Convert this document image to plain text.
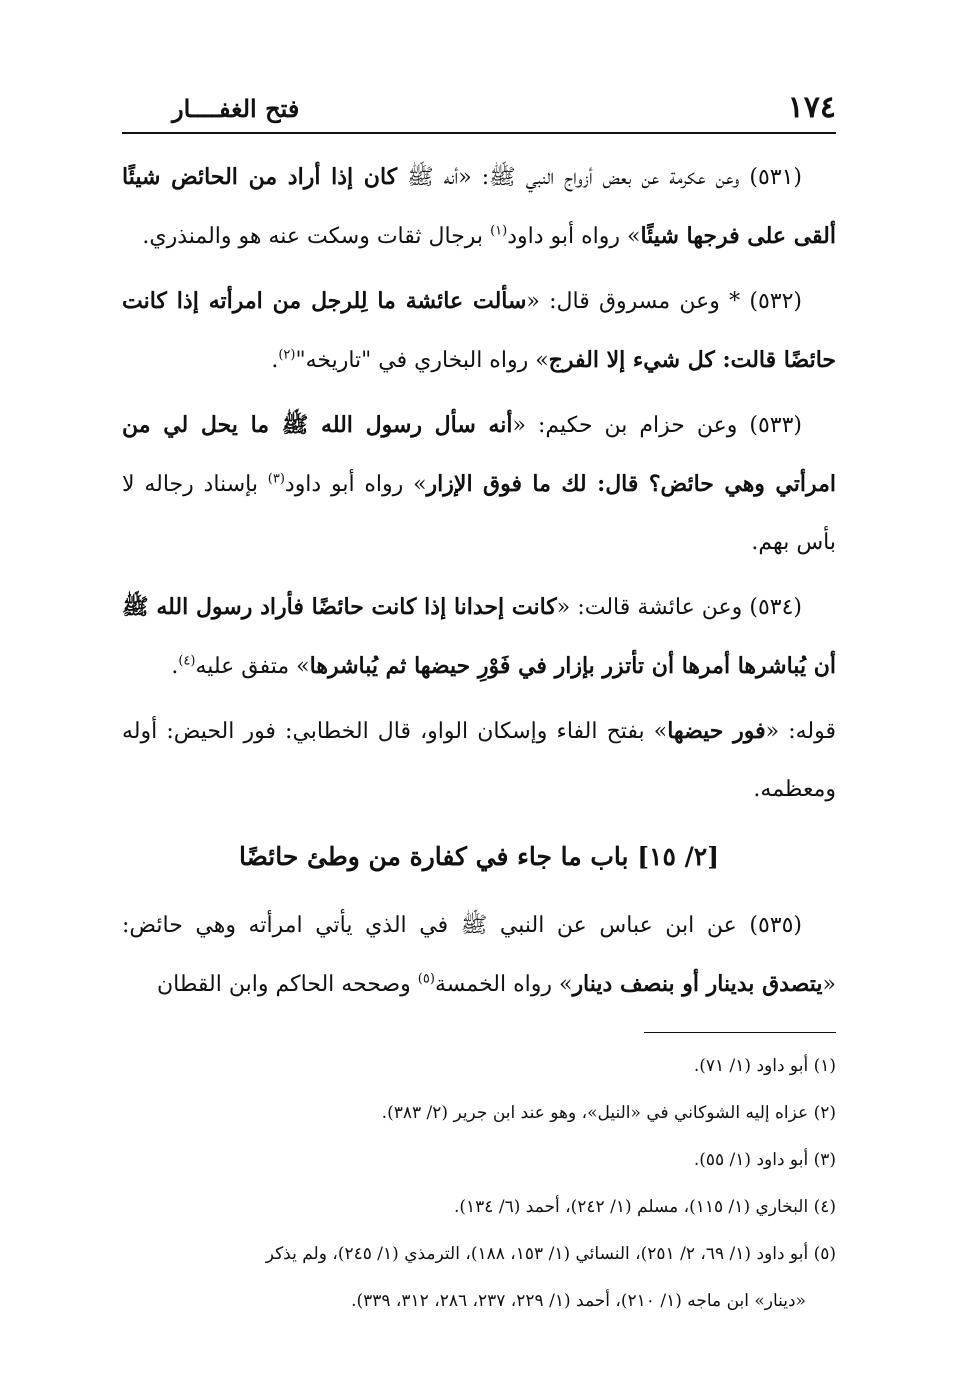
١٧٤
فتح الغفــــار

(٥٣١) وعن عكرمة عن بعض أزواج النبي ﷺ: «أنه ﷺ كان إذا أراد من الحائض شيئًا ألقى على فرجها شيئًا» رواه أبو داود$^{(١)}$ برجال ثقات وسكت عنه هو والمنذري.

(٥٣٢) * وعن مسروق قال: «سألت عائشة ما لِلرجل من امرأته إذا كانت حائضًا قالت: كل شيء إلا الفرج» رواه البخاري في "تاريخه"$^{(٢)}$.

(٥٣٣) وعن حزام بن حكيم: «أنه سأل رسول الله ﷺ ما يحل لي من امرأتي وهي حائض؟ قال: لك ما فوق الإزار» رواه أبو داود$^{(٣)}$ بإسناد رجاله لا بأس بهم.

(٥٣٤) وعن عائشة قالت: «كانت إحدانا إذا كانت حائضًا فأراد رسول الله ﷺ أن يُباشرها أمرها أن تأتزر بإزار في فَوْرِ حيضها ثم يُباشرها» متفق عليه$^{(٤)}$.

قوله: «فور حيضها» بفتح الفاء وإسكان الواو، قال الخطابي: فور الحيض: أوله ومعظمه.

[٢/ ١٥] باب ما جاء في كفارة من وطئ حائضًا

(٥٣٥) عن ابن عباس عن النبي ﷺ في الذي يأتي امرأته وهي حائض: «يتصدق بدينار أو بنصف دينار» رواه الخمسة$^{(٥)}$ وصححه الحاكم وابن القطان

(١) أبو داود (١/ ٧١).

(٢) عزاه إليه الشوكاني في «النيل»، وهو عند ابن جرير (٢/ ٣٨٣).

(٣) أبو داود (١/ ٥٥).

(٤) البخاري (١/ ١١٥)، مسلم (١/ ٢٤٢)، أحمد (٦/ ١٣٤).

(٥) أبو داود (١/ ٦٩، ٢/ ٢٥١)، النسائي (١/ ١٥٣، ١٨٨)، الترمذي (١/ ٢٤٥)، ولم يذكر

«دينار» ابن ماجه (١/ ٢١٠)، أحمد (١/ ٢٢٩، ٢٣٧، ٢٨٦، ٣١٢، ٣٣٩).
